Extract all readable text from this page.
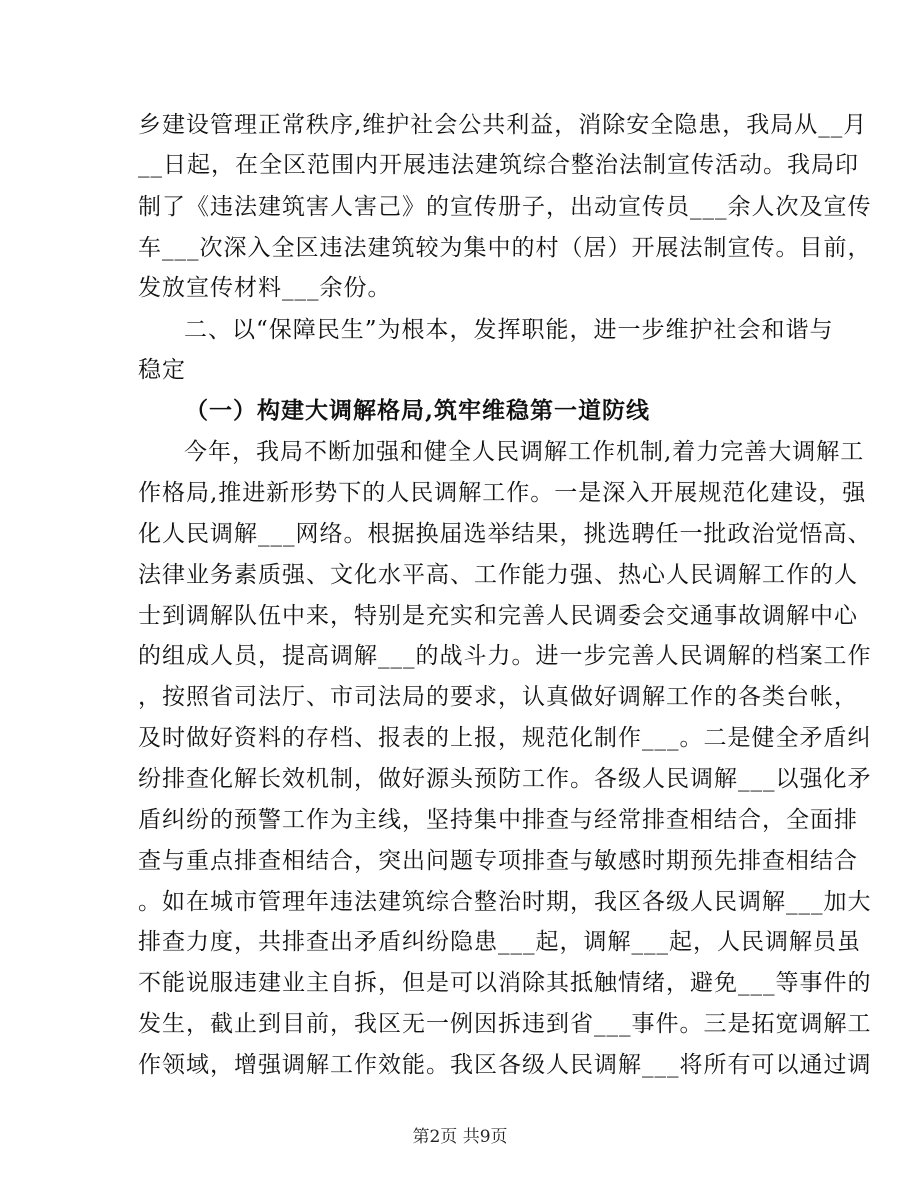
乡建设管理正常秩序,维护社会公共利益，消除安全隐患，我局从__月
__日起，在全区范围内开展违法建筑综合整治法制宣传活动。我局印
制了《违法建筑害人害己》的宣传册子，出动宣传员___余人次及宣传
车___次深入全区违法建筑较为集中的村（居）开展法制宣传。目前，
发放宣传材料___余份。
二、以“保障民生”为根本，发挥职能，进一步维护社会和谐与
稳定
（一）构建大调解格局,筑牢维稳第一道防线
今年，我局不断加强和健全人民调解工作机制,着力完善大调解工
作格局,推进新形势下的人民调解工作。一是深入开展规范化建设，强
化人民调解___网络。根据换届选举结果，挑选聘任一批政治觉悟高、
法律业务素质强、文化水平高、工作能力强、热心人民调解工作的人
士到调解队伍中来，特别是充实和完善人民调委会交通事故调解中心
的组成人员，提高调解___的战斗力。进一步完善人民调解的档案工作
，按照省司法厅、市司法局的要求，认真做好调解工作的各类台帐，
及时做好资料的存档、报表的上报，规范化制作___。二是健全矛盾纠
纷排查化解长效机制，做好源头预防工作。各级人民调解___以强化矛
盾纠纷的预警工作为主线，坚持集中排查与经常排查相结合，全面排
查与重点排查相结合，突出问题专项排查与敏感时期预先排查相结合
。如在城市管理年违法建筑综合整治时期，我区各级人民调解___加大
排查力度，共排查出矛盾纠纷隐患___起，调解___起，人民调解员虽
不能说服违建业主自拆，但是可以消除其抵触情绪，避免___等事件的
发生，截止到目前，我区无一例因拆违到省___事件。三是拓宽调解工
作领域，增强调解工作效能。我区各级人民调解___将所有可以通过调
第2页 共9页
